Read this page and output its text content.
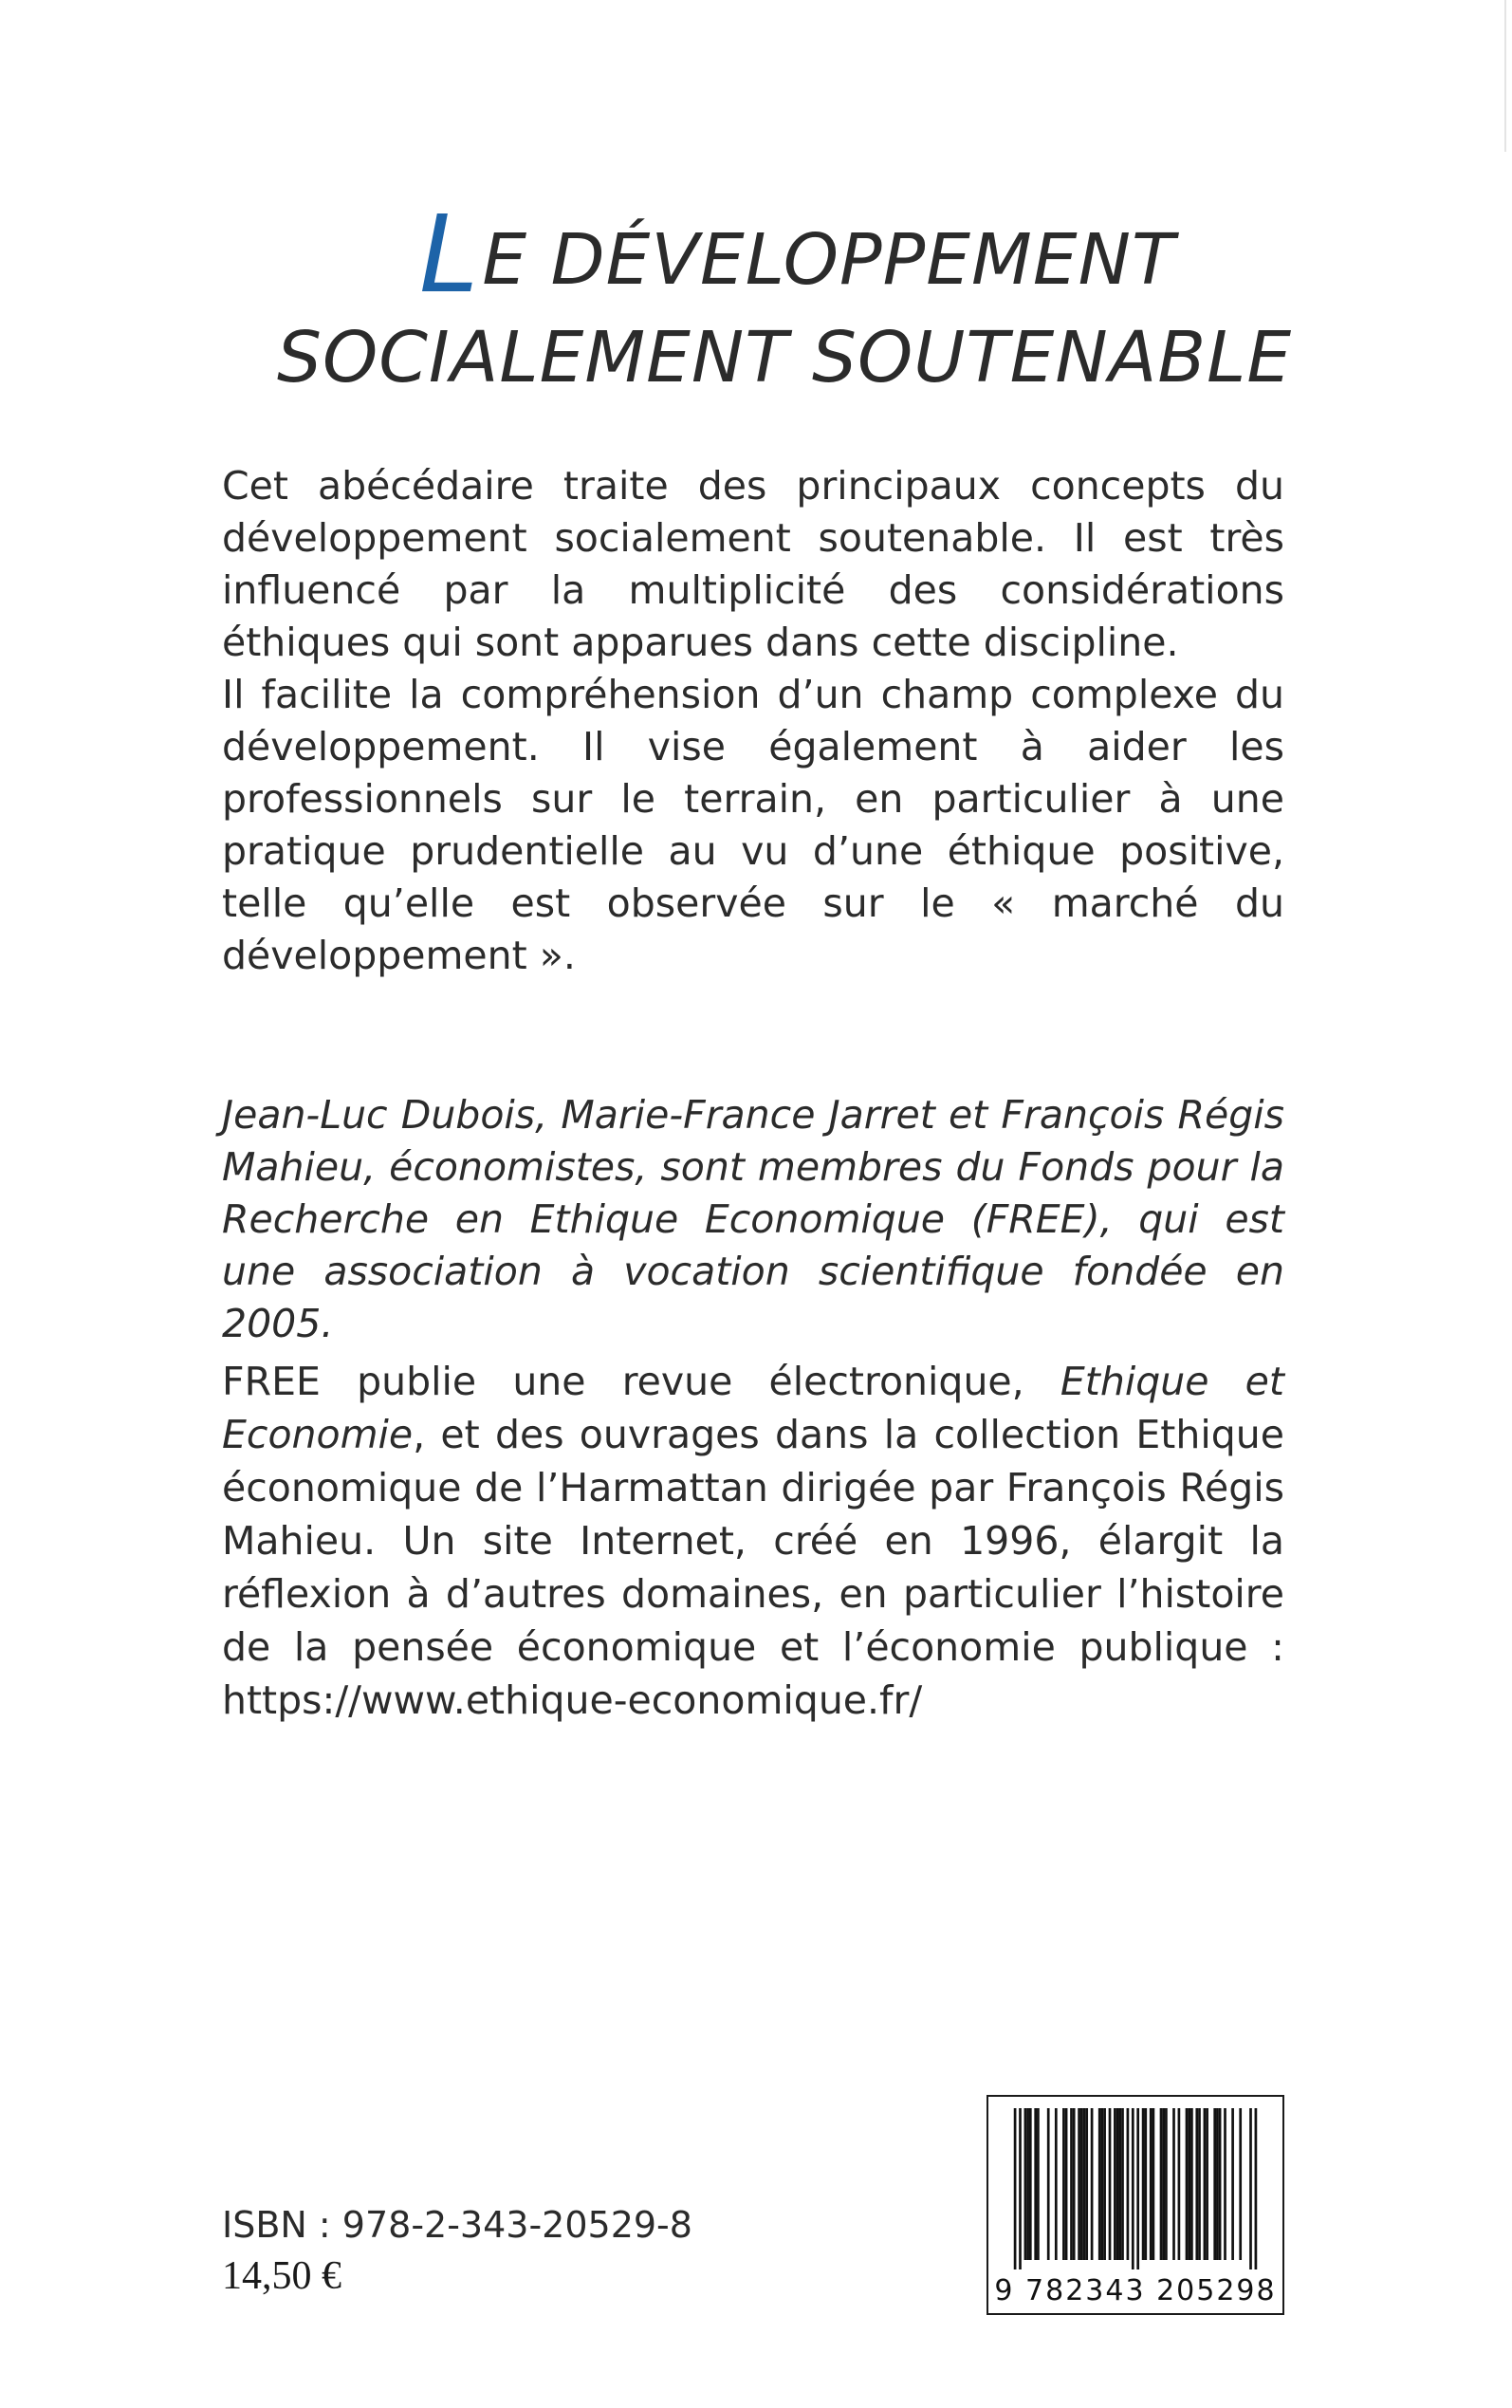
LE DÉVELOPPEMENT
SOCIALEMENT SOUTENABLE

Cet abécédaire traite des principaux concepts du développement socialement soutenable. Il est très influencé par la multiplicité des considérations éthiques qui sont apparues dans cette discipline.

Il facilite la compréhension d’un champ complexe du développement. Il vise également à aider les professionnels sur le terrain, en particulier à une pratique prudentielle au vu d’une éthique positive, telle qu’elle est observée sur le « marché du développement ».

Jean-Luc Dubois, Marie-France Jarret et François Régis Mahieu, économistes, sont membres du Fonds pour la Recherche en Ethique Economique (FREE), qui est une association à vocation scientifique fondée en 2005.

FREE publie une revue électronique, Ethique et Economie, et des ouvrages dans la collection Ethique économique de l’Harmattan dirigée par François Régis Mahieu. Un site Internet, créé en 1996, élargit la réflexion à d’autres domaines, en particulier l’histoire de la pensée économique et l’économie publique : https://www.ethique-economique.fr/

ISBN : 978-2-343-20529-8
14,50 €	9 782343 205298
